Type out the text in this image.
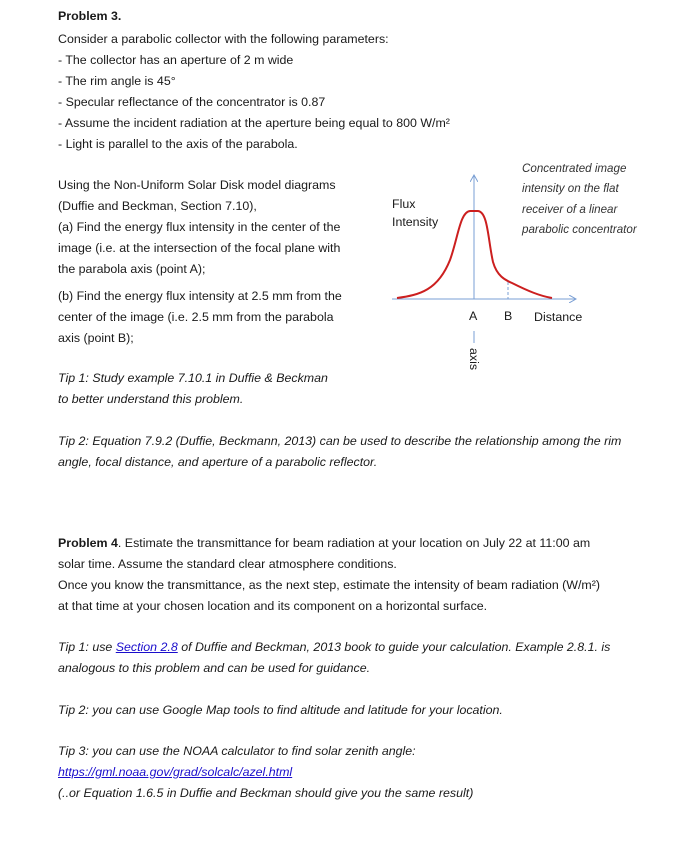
Problem 3.
Consider a parabolic collector with the following parameters:
- The collector has an aperture of 2 m wide
- The rim angle is 45°
- Specular reflectance of the concentrator is 0.87
- Assume the incident radiation at the aperture being equal to 800 W/m²
- Light is parallel to the axis of the parabola.
Using the Non-Uniform Solar Disk model diagrams
(Duffie and Beckman, Section 7.10),
(a) Find the energy flux intensity in the center of the
image (i.e. at the intersection of the focal plane with
the parabola axis (point A);
(b) Find the energy flux intensity at 2.5 mm from the
center of the image (i.e. 2.5 mm from the parabola
axis (point B);
Tip 1: Study example 7.10.1 in Duffie & Beckman
to better understand this problem.
Tip 2: Equation 7.9.2 (Duffie, Beckmann, 2013) can be used to describe the relationship among the rim
angle, focal distance, and aperture of a parabolic reflector.
Flux
Intensity
A B Distance
axis
Concentrated image
intensity on the flat
receiver of a linear
parabolic concentrator
Problem 4. Estimate the transmittance for beam radiation at your location on July 22 at 11:00 am
solar time. Assume the standard clear atmosphere conditions.
Once you know the transmittance, as the next step, estimate the intensity of beam radiation (W/m²)
at that time at your chosen location and its component on a horizontal surface.
Tip 1: use Section 2.8 of Duffie and Beckman, 2013 book to guide your calculation. Example 2.8.1. is
analogous to this problem and can be used for guidance.
Tip 2: you can use Google Map tools to find altitude and latitude for your location.
Tip 3: you can use the NOAA calculator to find solar zenith angle:
https://gml.noaa.gov/grad/solcalc/azel.html
(..or Equation 1.6.5 in Duffie and Beckman should give you the same result)
